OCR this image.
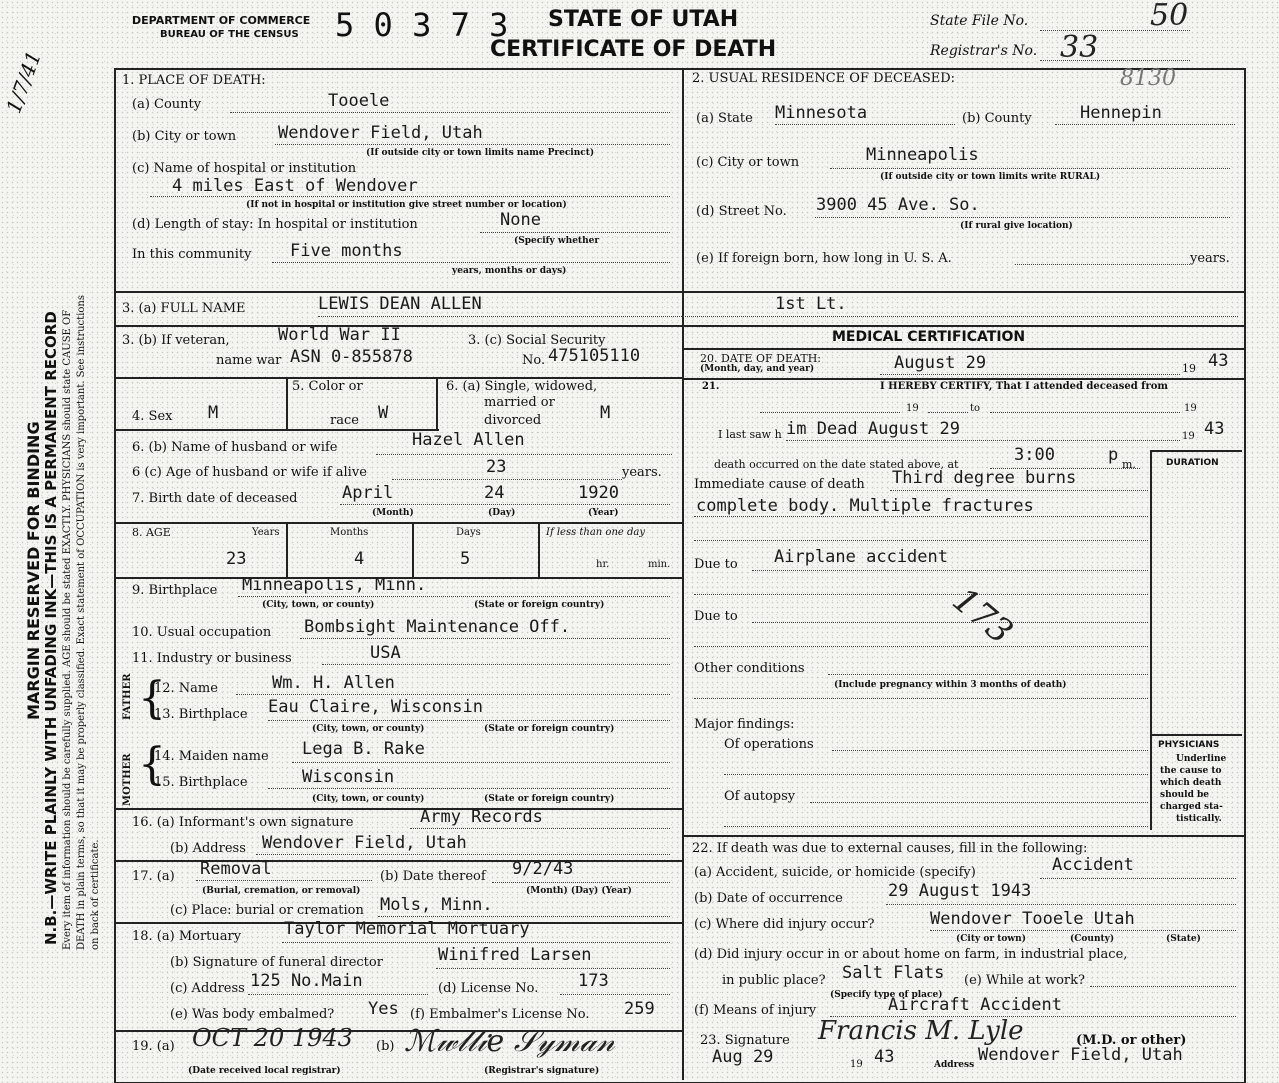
1/7/41
MARGIN RESERVED FOR BINDING N.B.—WRITE PLAINLY WITH UNFADING INK—THIS IS A PERMANENT RECORD Every item of information should be carefully supplied. AGE should be stated EXACTLY. PHYSICIANS should state CAUSE OF DEATH in plain terms, so that it may be properly classified. Exact statement of OCCUPATION is very important. See instructions on back of certificate.
DEPARTMENT OF COMMERCE
BUREAU OF THE CENSUS 5 0 3 7 3 STATE OF UTAH
CERTIFICATE OF DEATH
State File No.	50
Registrar's No. 33
1. PLACE OF DEATH:
(a) County	Tooele
(b) City or town Wendover Field, Utah
(If outside city or town limits name Precinct)
(c) Name of hospital or institution
4 miles East of Wendover
(If not in hospital or institution give street number or location)
(d) Length of stay: In hospital or institution	None
(Specify whether
In this community Five months
years, months or days)
2. USUAL RESIDENCE OF DECEASED:	8130
(a) State Minnesota	(b) County	Hennepin
(c) City or town	Minneapolis
(If outside city or town limits write RURAL)
(d) Street No. 3900 45 Ave. So.
(If rural give location)
(e) If foreign born, how long in U. S. A.	years.
3. (a) FULL NAME	LEWIS DEAN ALLEN	1st Lt.
3. (b) If veteran,
name war
World War II
ASN 0-855878
3. (c) Social Security
No. 475105110
4. Sex M
5. Color or
race W
6. (a) Single, widowed,
married or
divorced	M
6. (b) Name of husband or wife	Hazel Allen
6 (c) Age of husband or wife if alive	23	years.
7. Birth date of deceased	April	24	1920
(Month)	(Day)	(Year)
8. AGE	Years	Months	Days	If less than one day
23	4	5	hr.	min.
9. Birthplace Minneapolis, Minn.
(City, town, or county)	(State or foreign country)
10. Usual occupation Bombsight Maintenance Off.
11. Industry or business	USA
FATHER
MOTHER
{
{
12. Name	Wm. H. Allen
13. Birthplace Eau Claire, Wisconsin
(City, town, or county)	(State or foreign country)
14. Maiden name Lega B. Rake
15. Birthplace	Wisconsin
(City, town, or county)	(State or foreign country)
16. (a) Informant's own signature	Army Records
(b) Address Wendover Field, Utah
17. (a) Removal
(Burial, cremation, or removal)
(b) Date thereof 9/2/43
(Month) (Day) (Year)
(c) Place: burial or cremation Mols, Minn.
18. (a) Mortuary	Taylor Memorial Mortuary
(b) Signature of funeral director	Winifred Larsen
(c) Address 125 No.Main	(d) License No. 173
(e) Was body embalmed? Yes (f) Embalmer's License No. 259
19. (a) OCT 20 1943
(Date received local registrar)
(b) ℳ𝓌𝓁𝓁𝒾𝑒 𝒮𝓎𝓂𝒶𝓃
(Registrar's signature)
MEDICAL CERTIFICATION
20. DATE OF DEATH:
(Month, day, and year)	August 29	19 43
21.	I HEREBY CERTIFY, That I attended deceased from
19	to	19
I last saw h im Dead August 29	19 43
DURATION
death occurred on the date stated above, at	3:00	p m.
Immediate cause of death Third degree burns
complete body. Multiple fractures
Due to Airplane accident
Due to	173
Other conditions
(Include pregnancy within 3 months of death)
Major findings:
Of operations
Of autopsy
PHYSICIANS
Underline
the cause to
which death
should be
charged sta-
tistically.
22. If death was due to external causes, fill in the following:
(a) Accident, suicide, or homicide (specify)	Accident
(b) Date of occurrence	29 August 1943
(c) Where did injury occur?	Wendover Tooele Utah
(City or town)	(County)	(State)
(d) Did injury occur in or about home on farm, in industrial place,
in public place? Salt Flats
(Specify type of place)
(e) While at work?
(f) Means of injury	Aircraft Accident
23. Signature Francis M. Lyle	(M.D. or other)
Aug 29	19 43	Address Wendover Field, Utah
